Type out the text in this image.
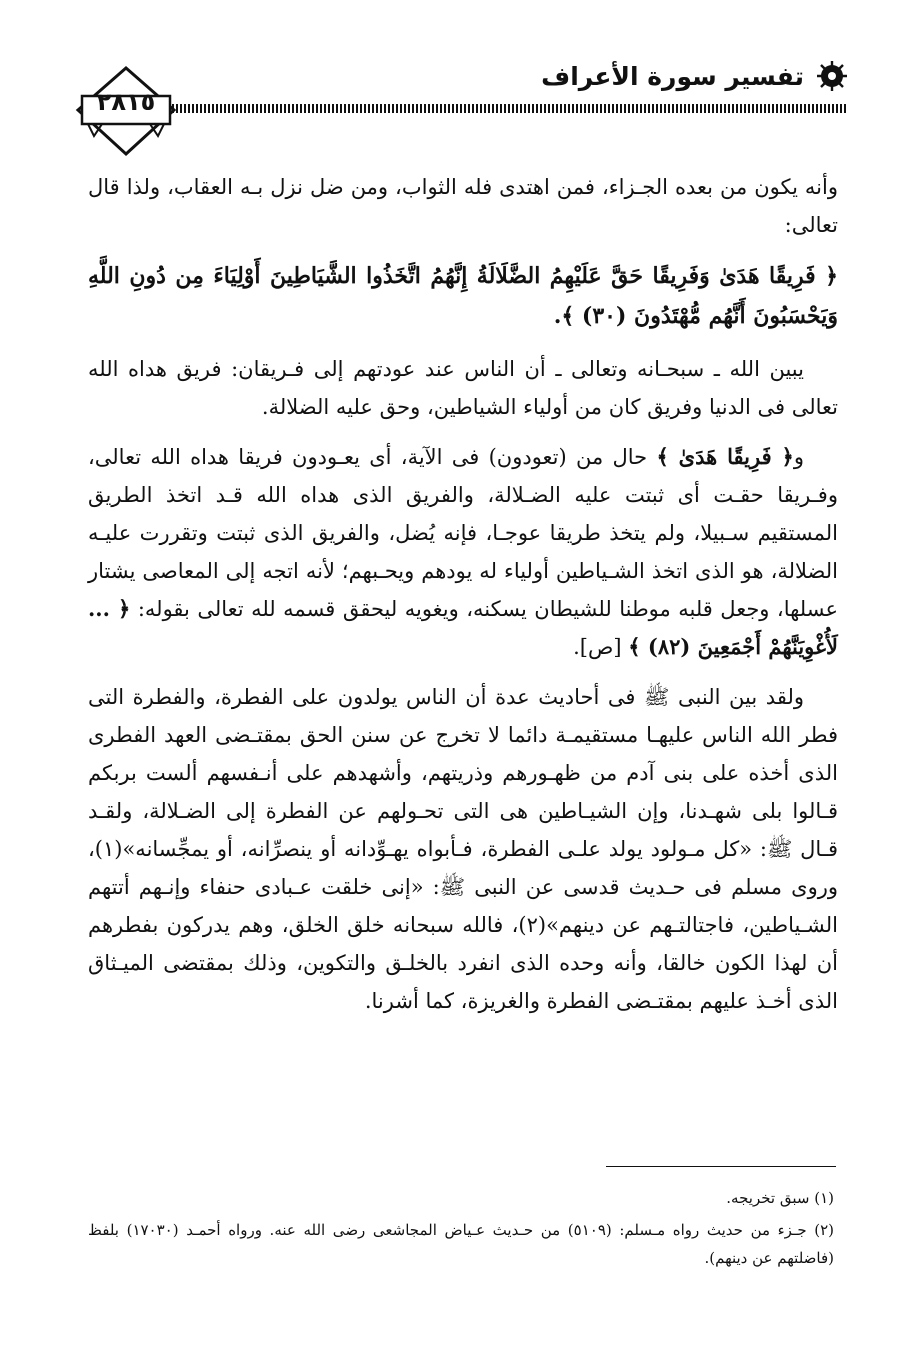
تفسير سورة الأعراف
٢٨١٥

وأنه يكون من بعده الجـزاء، فمن اهتدى فله الثواب، ومن ضل نزل بـه العقاب، ولذا قال تعالى:

﴿ فَرِيقًا هَدَىٰ وَفَرِيقًا حَقَّ عَلَيْهِمُ الضَّلَالَةُ إِنَّهُمُ اتَّخَذُوا الشَّيَاطِينَ أَوْلِيَاءَ مِن دُونِ اللَّهِ وَيَحْسَبُونَ أَنَّهُم مُّهْتَدُونَ (٣٠) ﴾.

يبين الله ـ سبحـانه وتعالى ـ أن الناس عند عودتهم إلى فـريقان: فريق هداه الله تعالى فى الدنيا وفريق كان من أولياء الشياطين، وحق عليه الضلالة.

و﴿ فَرِيقًا هَدَىٰ ﴾ حال من (تعودون) فى الآية، أى يعـودون فريقا هداه الله تعالى، وفـريقا حقـت أى ثبتت عليه الضـلالة، والفريق الذى هداه الله قـد اتخذ الطريق المستقيم سـبيلا، ولم يتخذ طريقا عوجـا، فإنه يُضل، والفريق الذى ثبتت وتقررت عليـه الضلالة، هو الذى اتخذ الشـياطين أولياء له يودهم ويحـبهم؛ لأنه اتجه إلى المعاصى يشتار عسلها، وجعل قلبه موطنا للشيطان يسكنه، ويغويه ليحقق قسمه لله تعالى بقوله: ﴿ ... لَأُغْوِيَنَّهُمْ أَجْمَعِينَ (٨٢) ﴾ [ص].

ولقد بين النبى ﷺ فى أحاديث عدة أن الناس يولدون على الفطرة، والفطرة التى فطر الله الناس عليهـا مستقيمـة دائما لا تخرج عن سنن الحق بمقتـضى العهد الفطرى الذى أخذه على بنى آدم من ظهـورهم وذريتهم، وأشهدهم على أنـفسهم ألست بربكم قـالوا بلى شهـدنا، وإن الشيـاطين هى التى تحـولهم عن الفطرة إلى الضـلالة، ولقـد قـال ﷺ: «كل مـولود يولد علـى الفطرة، فـأبواه يهـوِّدانه أو ينصرِّانه، أو يمجِّسانه»(١)، وروى مسلم فى حـديث قدسى عن النبى ﷺ: «إنى خلقت عـبادى حنفاء وإنـهم أتتهم الشـياطين، فاجتالتـهم عن دينهم»(٢)، فالله سبحانه خلق الخلق، وهم يدركون بفطرهم أن لهذا الكون خالقا، وأنه وحده الذى انفرد بالخلـق والتكوين، وذلك بمقتضى الميـثاق الذى أخـذ عليهم بمقتـضى الفطرة والغريزة، كما أشرنا.

(١) سبق تخريجه.

(٢) جـزء من حديث رواه مـسلم: (٥١٠٩) من حـديث عـياض المجاشعى رضى الله عنه. ورواه أحمـد (١٧٠٣٠) بلفظ (فاضلتهم عن دينهم).
